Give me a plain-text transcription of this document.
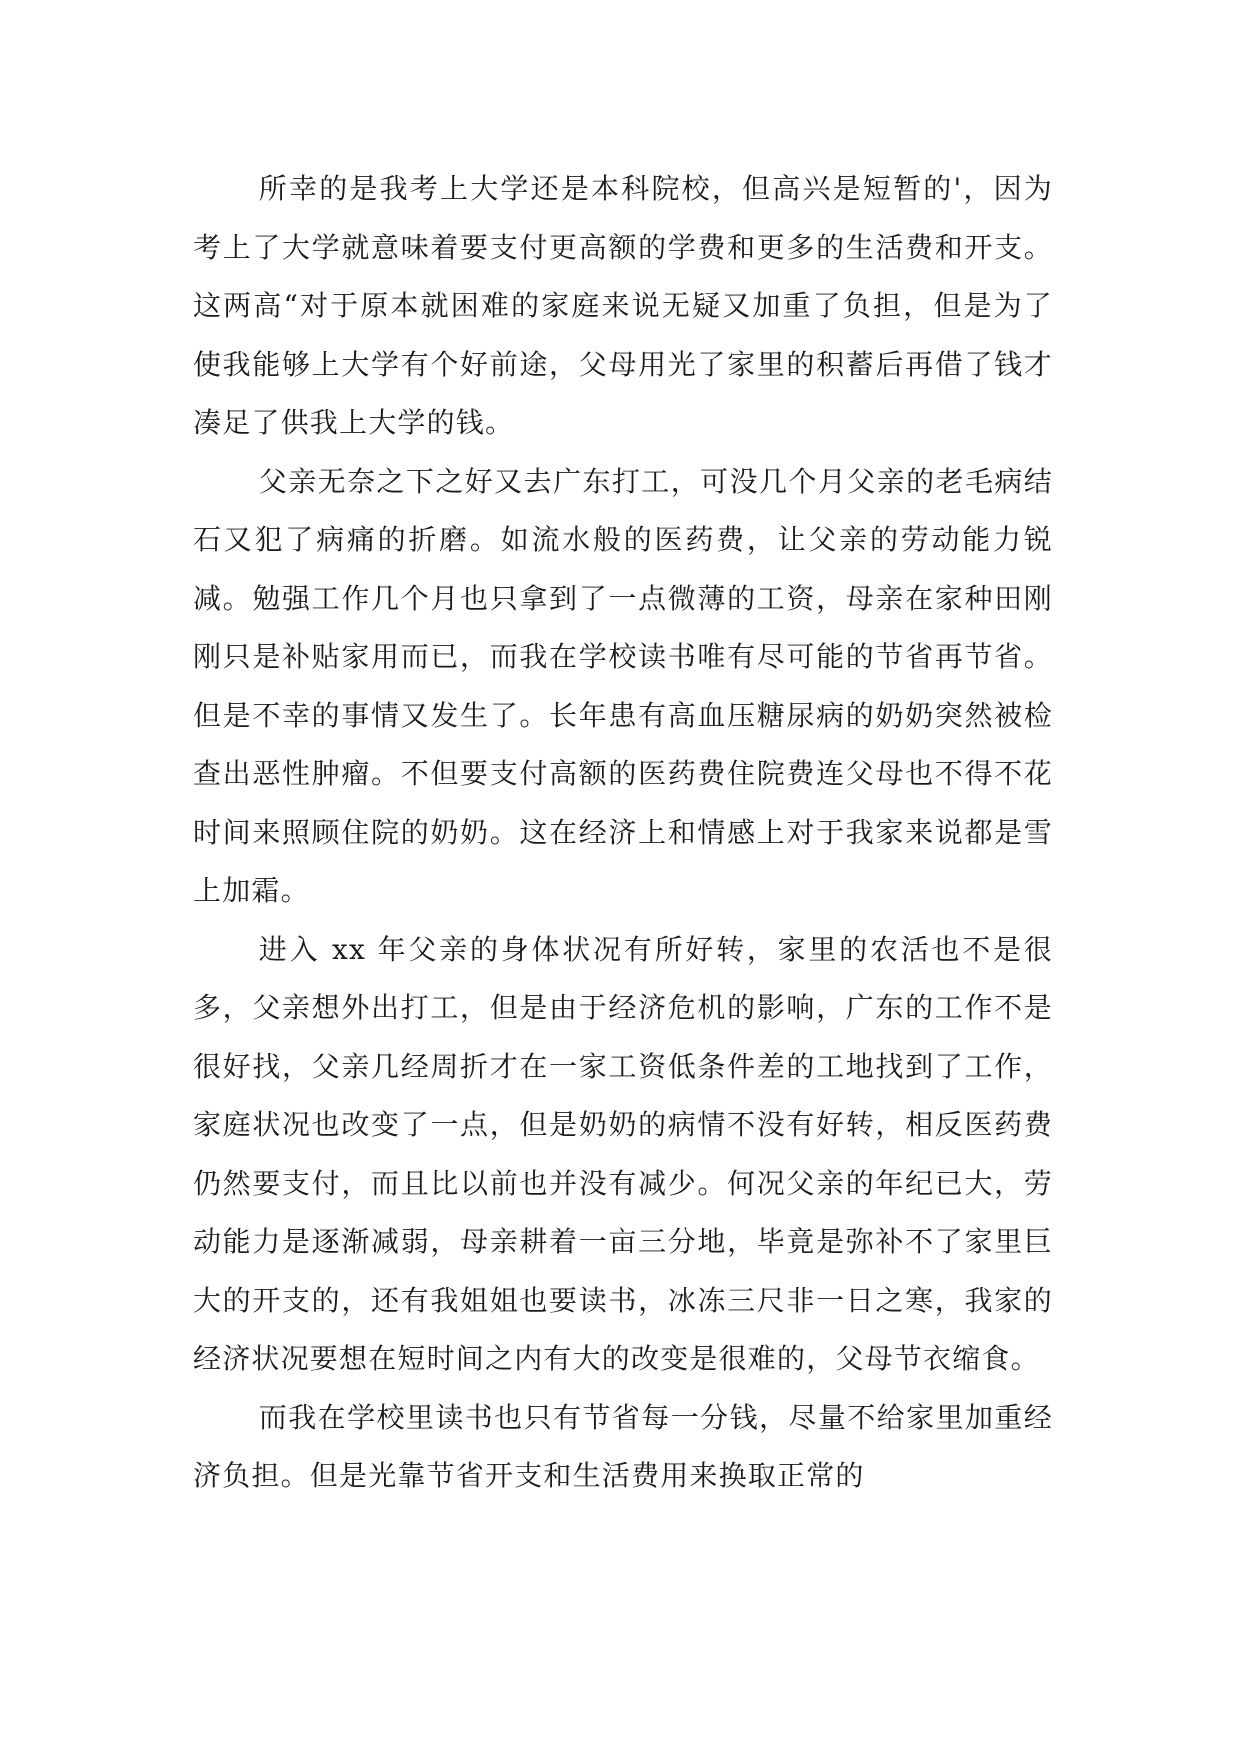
所幸的是我考上大学还是本科院校，但高兴是短暂的'，因为考上了大学就意味着要支付更高额的学费和更多的生活费和开支。这两高“对于原本就困难的家庭来说无疑又加重了负担，但是为了使我能够上大学有个好前途，父母用光了家里的积蓄后再借了钱才凑足了供我上大学的钱。

父亲无奈之下之好又去广东打工，可没几个月父亲的老毛病结石又犯了病痛的折磨。如流水般的医药费，让父亲的劳动能力锐减。勉强工作几个月也只拿到了一点微薄的工资，母亲在家种田刚刚只是补贴家用而已，而我在学校读书唯有尽可能的节省再节省。但是不幸的事情又发生了。长年患有高血压糖尿病的奶奶突然被检查出恶性肿瘤。不但要支付高额的医药费住院费连父母也不得不花时间来照顾住院的奶奶。这在经济上和情感上对于我家来说都是雪上加霜。

进入 xx 年父亲的身体状况有所好转，家里的农活也不是很多，父亲想外出打工，但是由于经济危机的影响，广东的工作不是很好找，父亲几经周折才在一家工资低条件差的工地找到了工作，家庭状况也改变了一点，但是奶奶的病情不没有好转，相反医药费仍然要支付，而且比以前也并没有减少。何况父亲的年纪已大，劳动能力是逐渐减弱，母亲耕着一亩三分地，毕竟是弥补不了家里巨大的开支的，还有我姐姐也要读书，冰冻三尺非一日之寒，我家的经济状况要想在短时间之内有大的改变是很难的，父母节衣缩食。

而我在学校里读书也只有节省每一分钱，尽量不给家里加重经济负担。但是光靠节省开支和生活费用来换取正常的
